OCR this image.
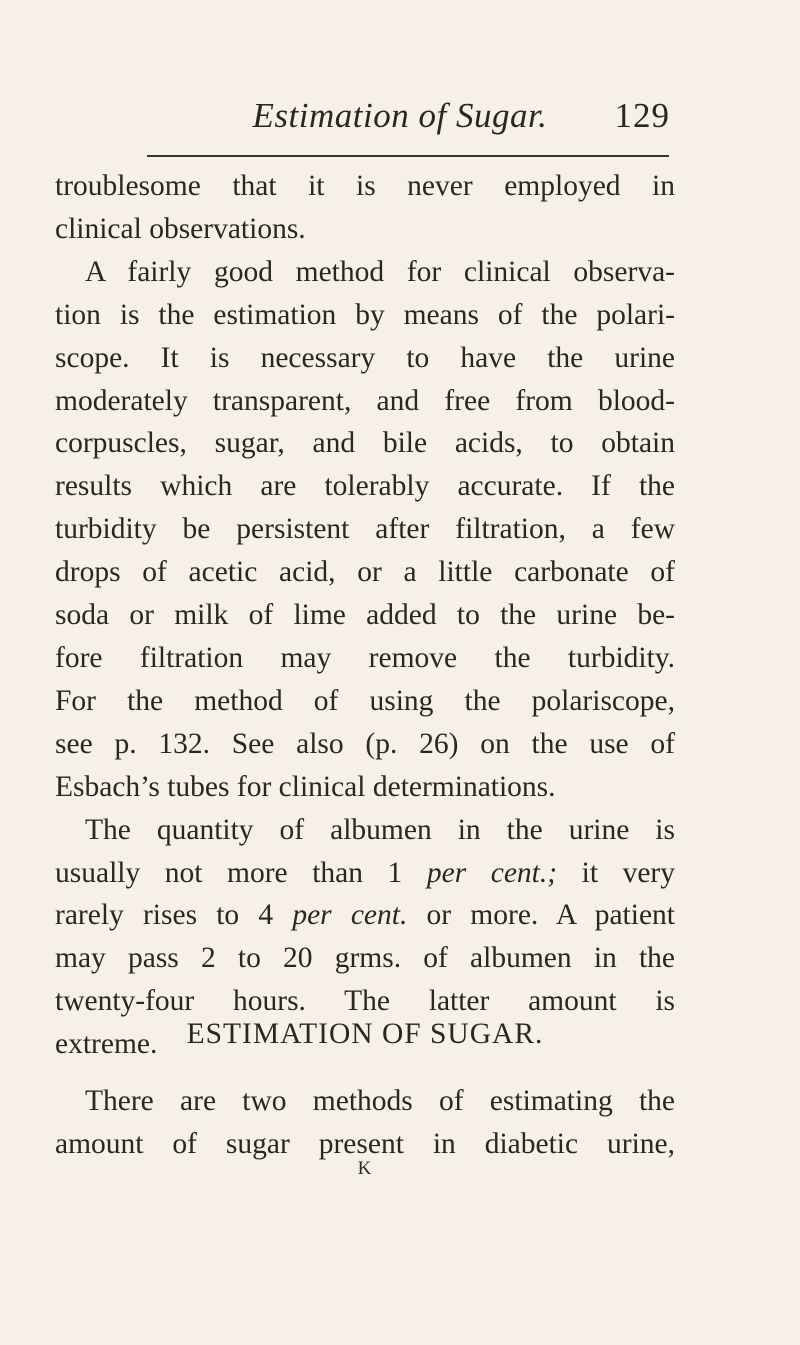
Estimation of Sugar.	129

troublesome that it is never employed in
clinical observations.

A fairly good method for clinical observa-
tion is the estimation by means of the polari-
scope. It is necessary to have the urine
moderately transparent, and free from blood-
corpuscles, sugar, and bile acids, to obtain
results which are tolerably accurate. If the
turbidity be persistent after filtration, a few
drops of acetic acid, or a little carbonate of
soda or milk of lime added to the urine be-
fore filtration may remove the turbidity.
For the method of using the polariscope,
see p. 132. See also (p. 26) on the use of
Esbach’s tubes for clinical determinations.

The quantity of albumen in the urine is
usually not more than 1 per cent.; it very
rarely rises to 4 per cent. or more. A patient
may pass 2 to 20 grms. of albumen in the
twenty-four hours. The latter amount is
extreme. ESTIMATION OF SUGAR.

There are two methods of estimating the
amount of sugar present in diabetic urine,

K
